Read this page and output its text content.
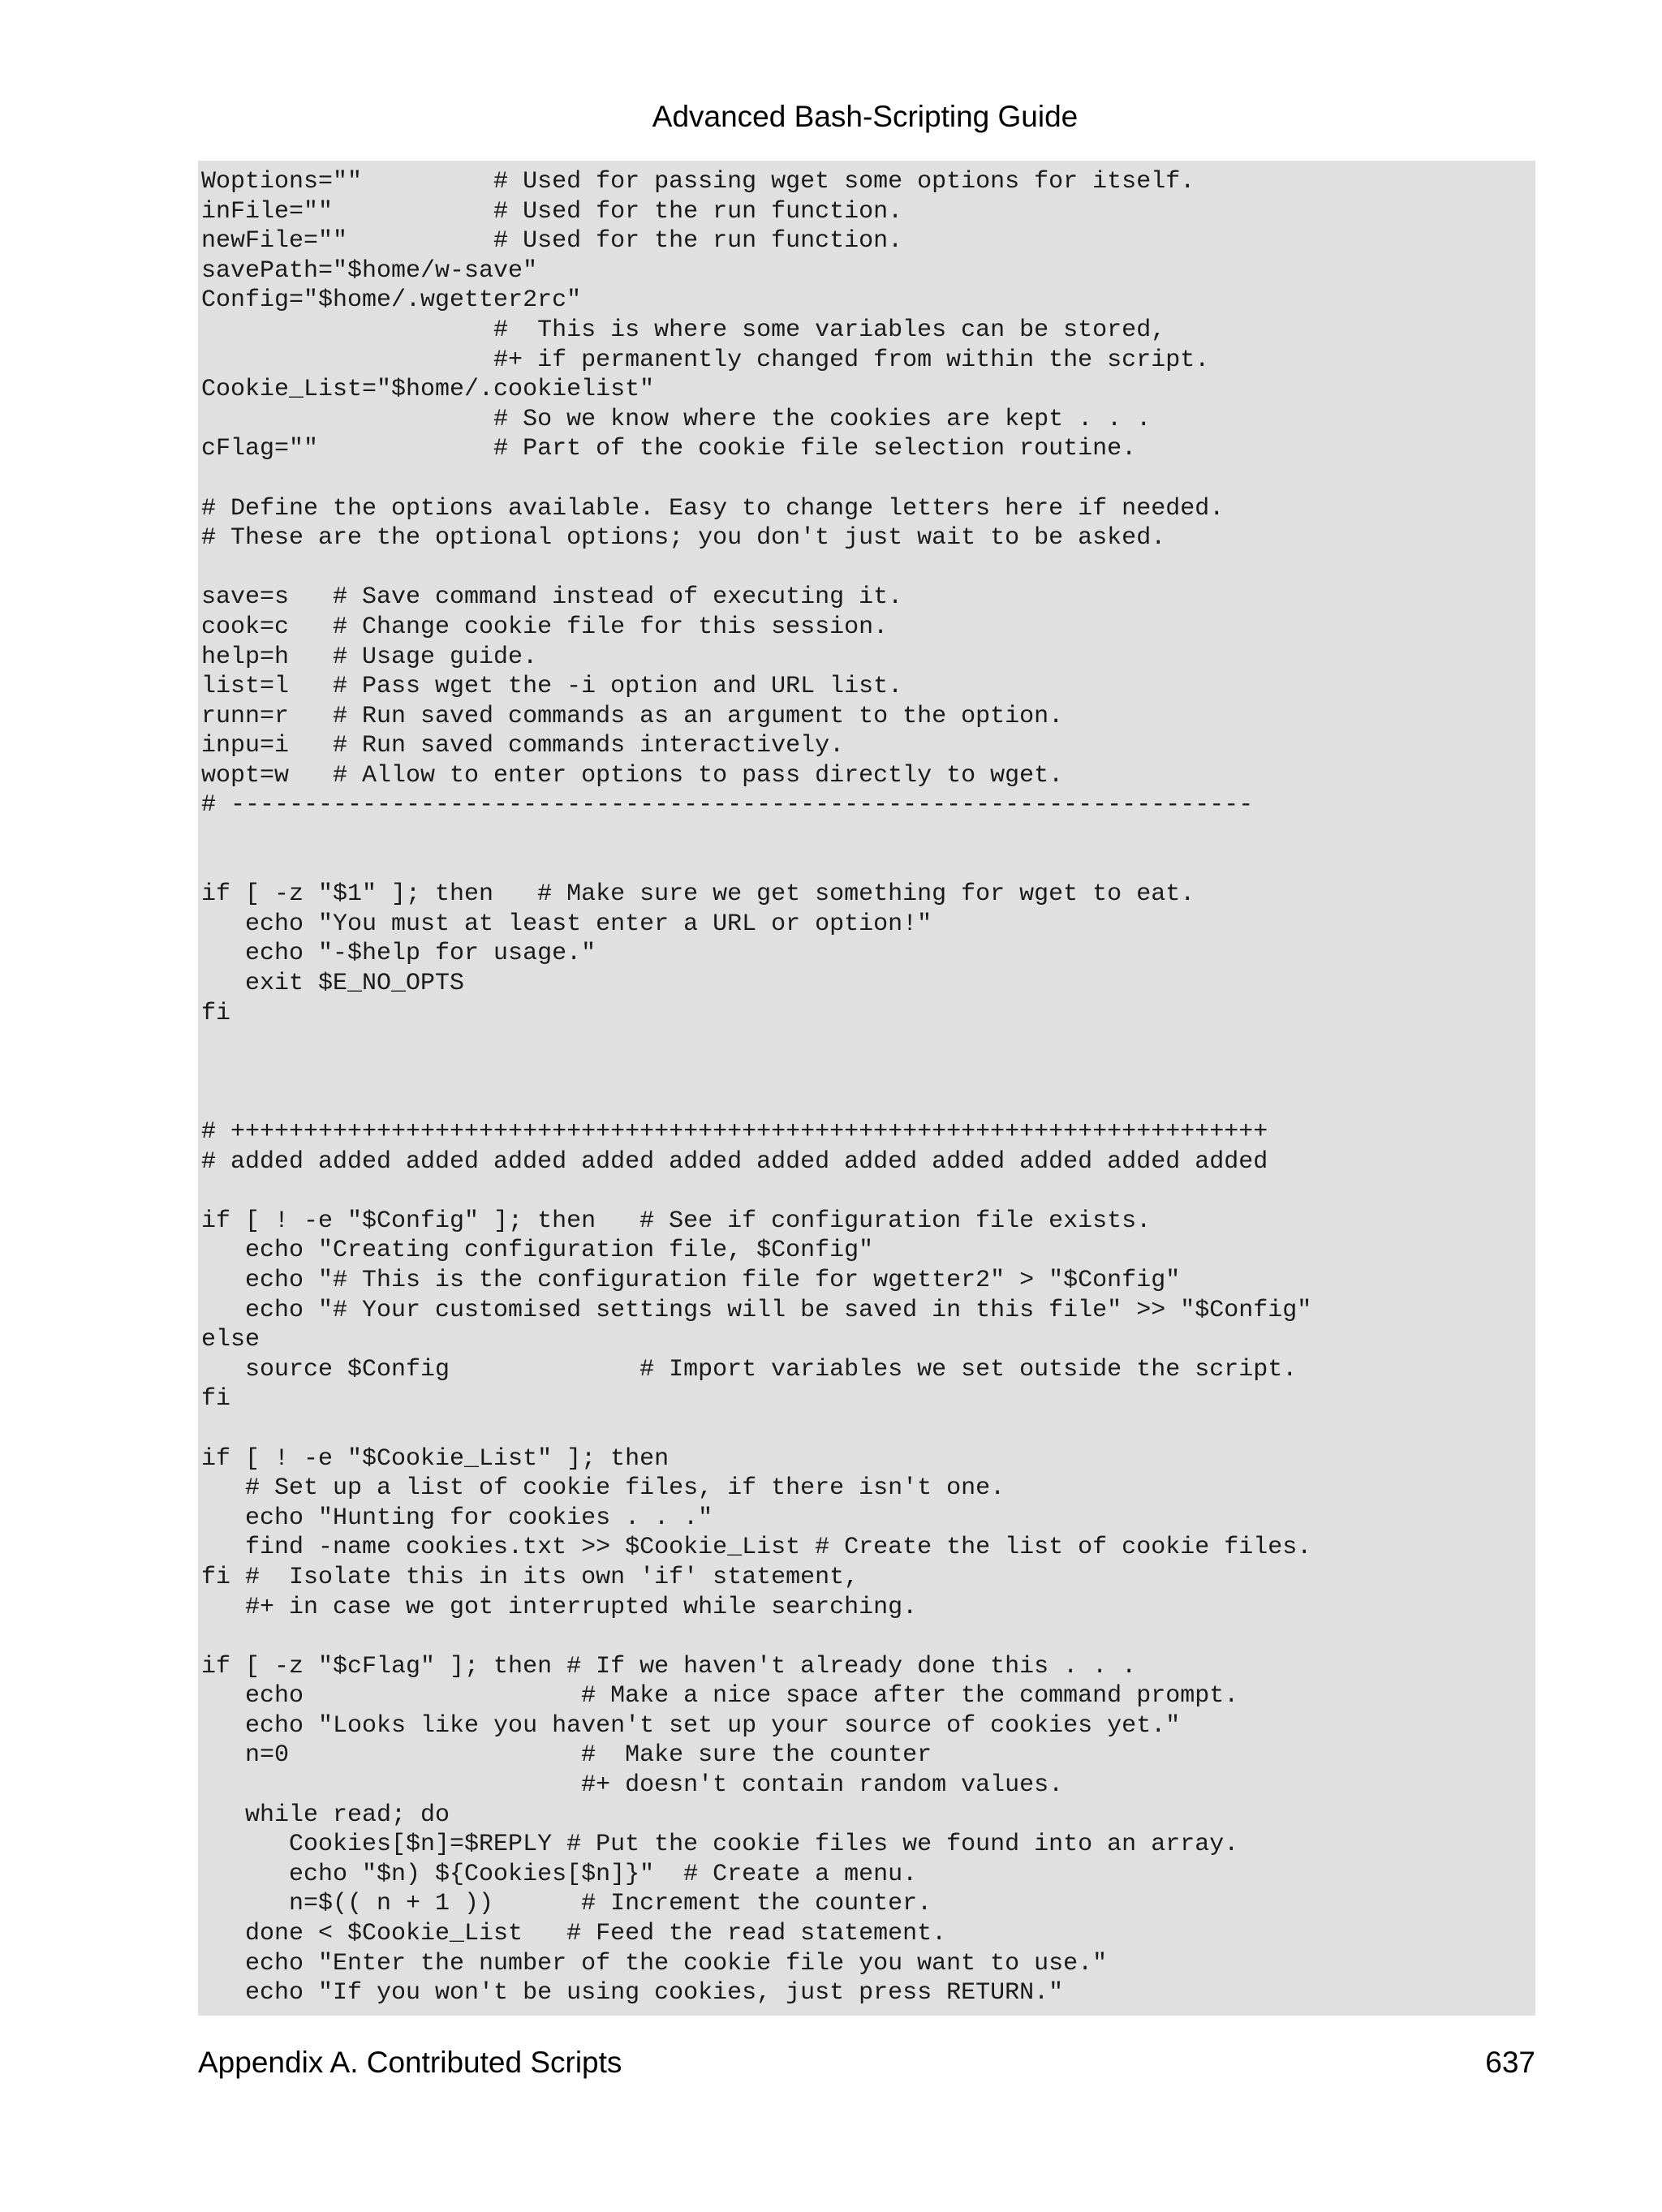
Advanced Bash-Scripting Guide
Woptions=""         # Used for passing wget some options for itself.
inFile=""           # Used for the run function.
newFile=""          # Used for the run function.
savePath="$home/w-save"
Config="$home/.wgetter2rc"
#  This is where some variables can be stored,
#+ if permanently changed from within the script.
Cookie_List="$home/.cookielist"
# So we know where the cookies are kept . . .
cFlag=""            # Part of the cookie file selection routine.
# Define the options available. Easy to change letters here if needed.
# These are the optional options; you don't just wait to be asked.
save=s   # Save command instead of executing it.
cook=c   # Change cookie file for this session.
help=h   # Usage guide.
list=l   # Pass wget the -i option and URL list.
runn=r   # Run saved commands as an argument to the option.
inpu=i   # Run saved commands interactively.
wopt=w   # Allow to enter options to pass directly to wget.
# ----------------------------------------------------------------------
if [ -z "$1" ]; then   # Make sure we get something for wget to eat.
echo "You must at least enter a URL or option!"
echo "-$help for usage."
exit $E_NO_OPTS
fi
# +++++++++++++++++++++++++++++++++++++++++++++++++++++++++++++++++++++++
# added added added added added added added added added added added added
if [ ! -e "$Config" ]; then   # See if configuration file exists.
echo "Creating configuration file, $Config"
echo "# This is the configuration file for wgetter2" > "$Config"
echo "# Your customised settings will be saved in this file" >> "$Config"
else
source $Config             # Import variables we set outside the script.
fi
if [ ! -e "$Cookie_List" ]; then
# Set up a list of cookie files, if there isn't one.
echo "Hunting for cookies . . ."
find -name cookies.txt >> $Cookie_List # Create the list of cookie files.
fi #  Isolate this in its own 'if' statement,
#+ in case we got interrupted while searching.
if [ -z "$cFlag" ]; then # If we haven't already done this . . .
echo                   # Make a nice space after the command prompt.
echo "Looks like you haven't set up your source of cookies yet."
n=0                    #  Make sure the counter
#+ doesn't contain random values.
while read; do
Cookies[$n]=$REPLY # Put the cookie files we found into an array.
echo "$n) ${Cookies[$n]}"  # Create a menu.
n=$(( n + 1 ))      # Increment the counter.
done < $Cookie_List   # Feed the read statement.
echo "Enter the number of the cookie file you want to use."
echo "If you won't be using cookies, just press RETURN."
Appendix A. Contributed Scripts	637
